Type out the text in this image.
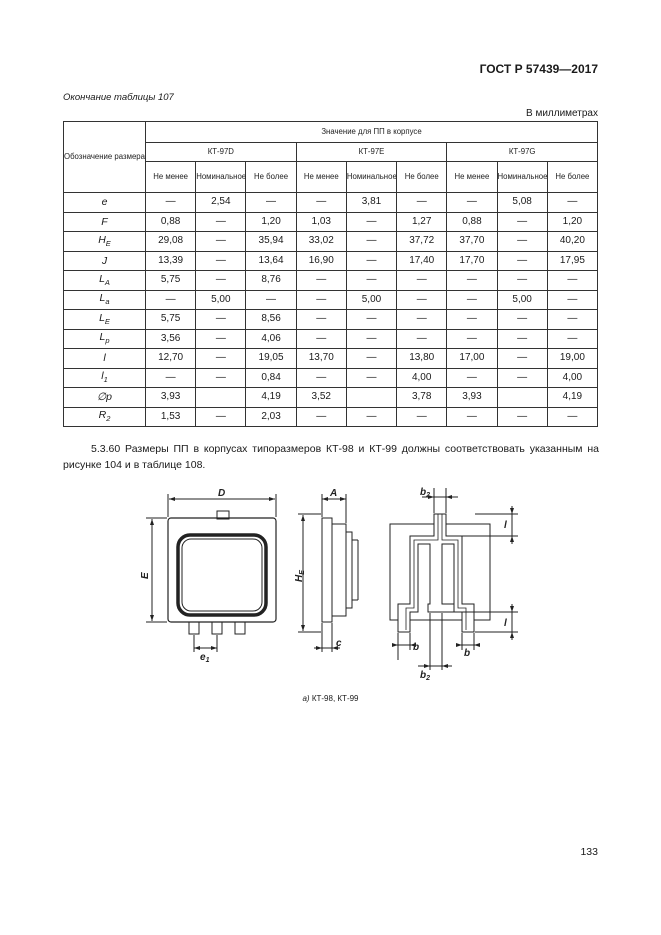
ГОСТ Р 57439—2017
Окончание таблицы 107
В миллиметрах
Обозначение размера	Значение для ПП в корпусе								
	КТ-97D			КТ-97E			КТ-97G		
	Не менее	Номинальное	Не более	Не менее	Номинальное	Не более	Не менее	Номинальное	Не более
e	—	2,54	—	—	3,81	—	—	5,08	—
F	0,88	—	1,20	1,03	—	1,27	0,88	—	1,20
$H_E$	29,08	—	35,94	33,02	—	37,72	37,70	—	40,20
J	13,39	—	13,64	16,90	—	17,40	17,70	—	17,95
$L_A$	5,75	—	8,76	—	—	—	—	—	—
$L_a$	—	5,00	—	—	5,00	—	—	5,00	—
$L_E$	5,75	—	8,56	—	—	—	—	—	—
$L_p$	3,56	—	4,06	—	—	—	—	—	—
l	12,70	—	19,05	13,70	—	13,80	17,00	—	19,00
$l_1$	—	—	0,84	—	—	4,00	—	—	4,00
∅p	3,93		4,19	3,52		3,78	3,93		4,19
$R_2$	1,53	—	2,03	—	—	—	—	—	—
5.3.60 Размеры ПП в корпусах типоразмеров КТ-98 и КТ-99 должны соответствовать указанным на рисунке 104 и в таблице 108.
D
E
$e_1$
A
$H_E$
c
$b_2$
l
l
b
b
$b_2$
а) КТ-98, КТ-99
133
